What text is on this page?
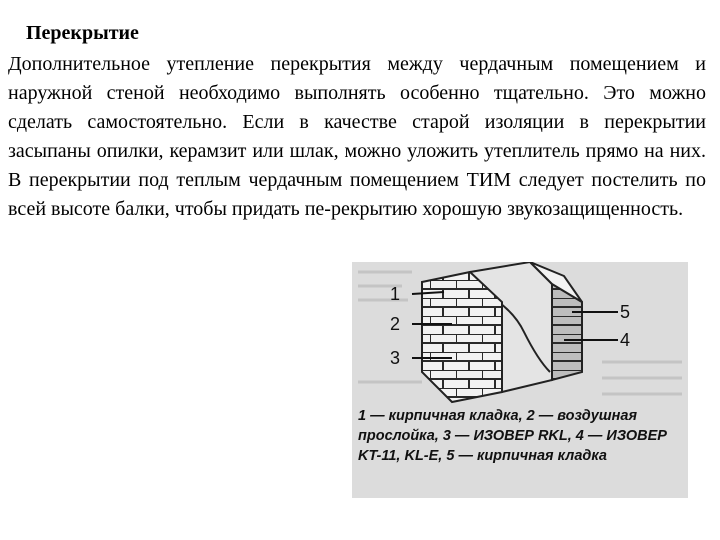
Перекрытие

Дополнительное утепление перекрытия между чердачным помещением и наружной стеной необходимо выполнять особенно тщательно. Это можно сделать самостоятельно. Если в качестве старой изоляции в перекрытии засыпаны опилки, керамзит или шлак, можно уложить утеплитель прямо на них. В перекрытии под теплым чердачным помещением ТИМ следует постелить по всей высоте балки, чтобы придать пе-рекрытию хорошую звукозащищенность.

1
2
3
4
5

1 — кирпичная кладка, 2 — воздушная прослойка, 3 — ИЗОВЕР RKL, 4 — ИЗОВЕР KT-11, KL-E, 5 — кирпичная кладка
